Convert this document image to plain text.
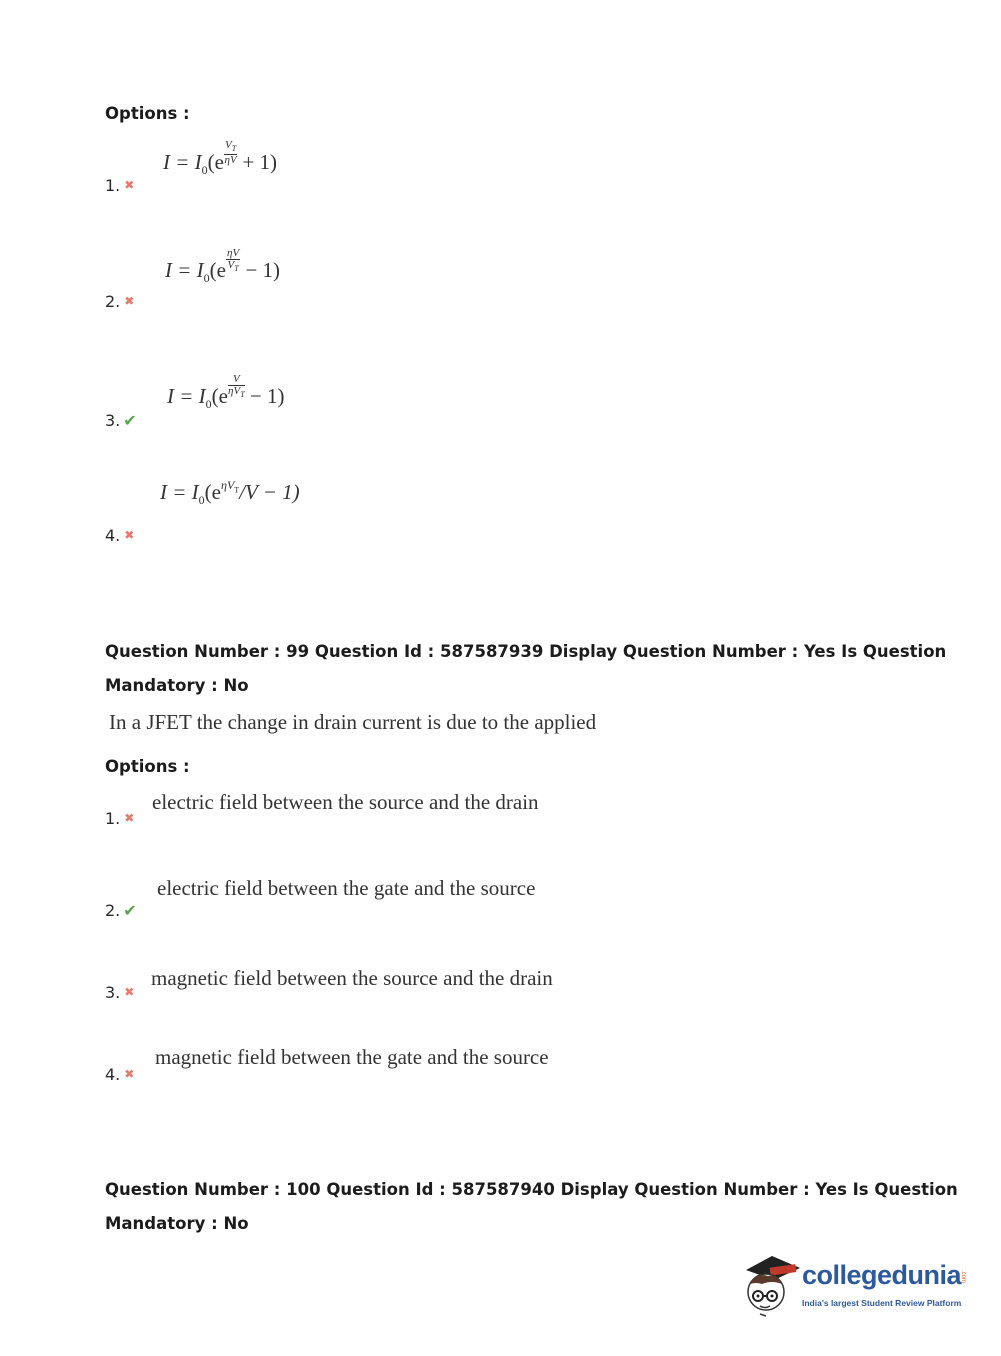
Options :
$I = I_0(e \frac{V_T}{\eta V} + 1)$
1. ✖
$I = I_0(e \frac{\eta V}{V_T} - 1)$
2. ✖
$I = I_0(e \frac{V}{\eta V_T} - 1)$
3. ✔
$I = I_0(e^{\eta V_T}/V - 1)$
4. ✖
Question Number : 99 Question Id : 587587939 Display Question Number : Yes Is Question
Mandatory : No
In a JFET the change in drain current is due to the applied
Options :
electric field between the source and the drain
1. ✖
electric field between the gate and the source
2. ✔
magnetic field between the source and the drain
3. ✖
magnetic field between the gate and the source
4. ✖
Question Number : 100 Question Id : 587587940 Display Question Number : Yes Is Question
Mandatory : No
collegedunia
.com
India's largest Student Review Platform
